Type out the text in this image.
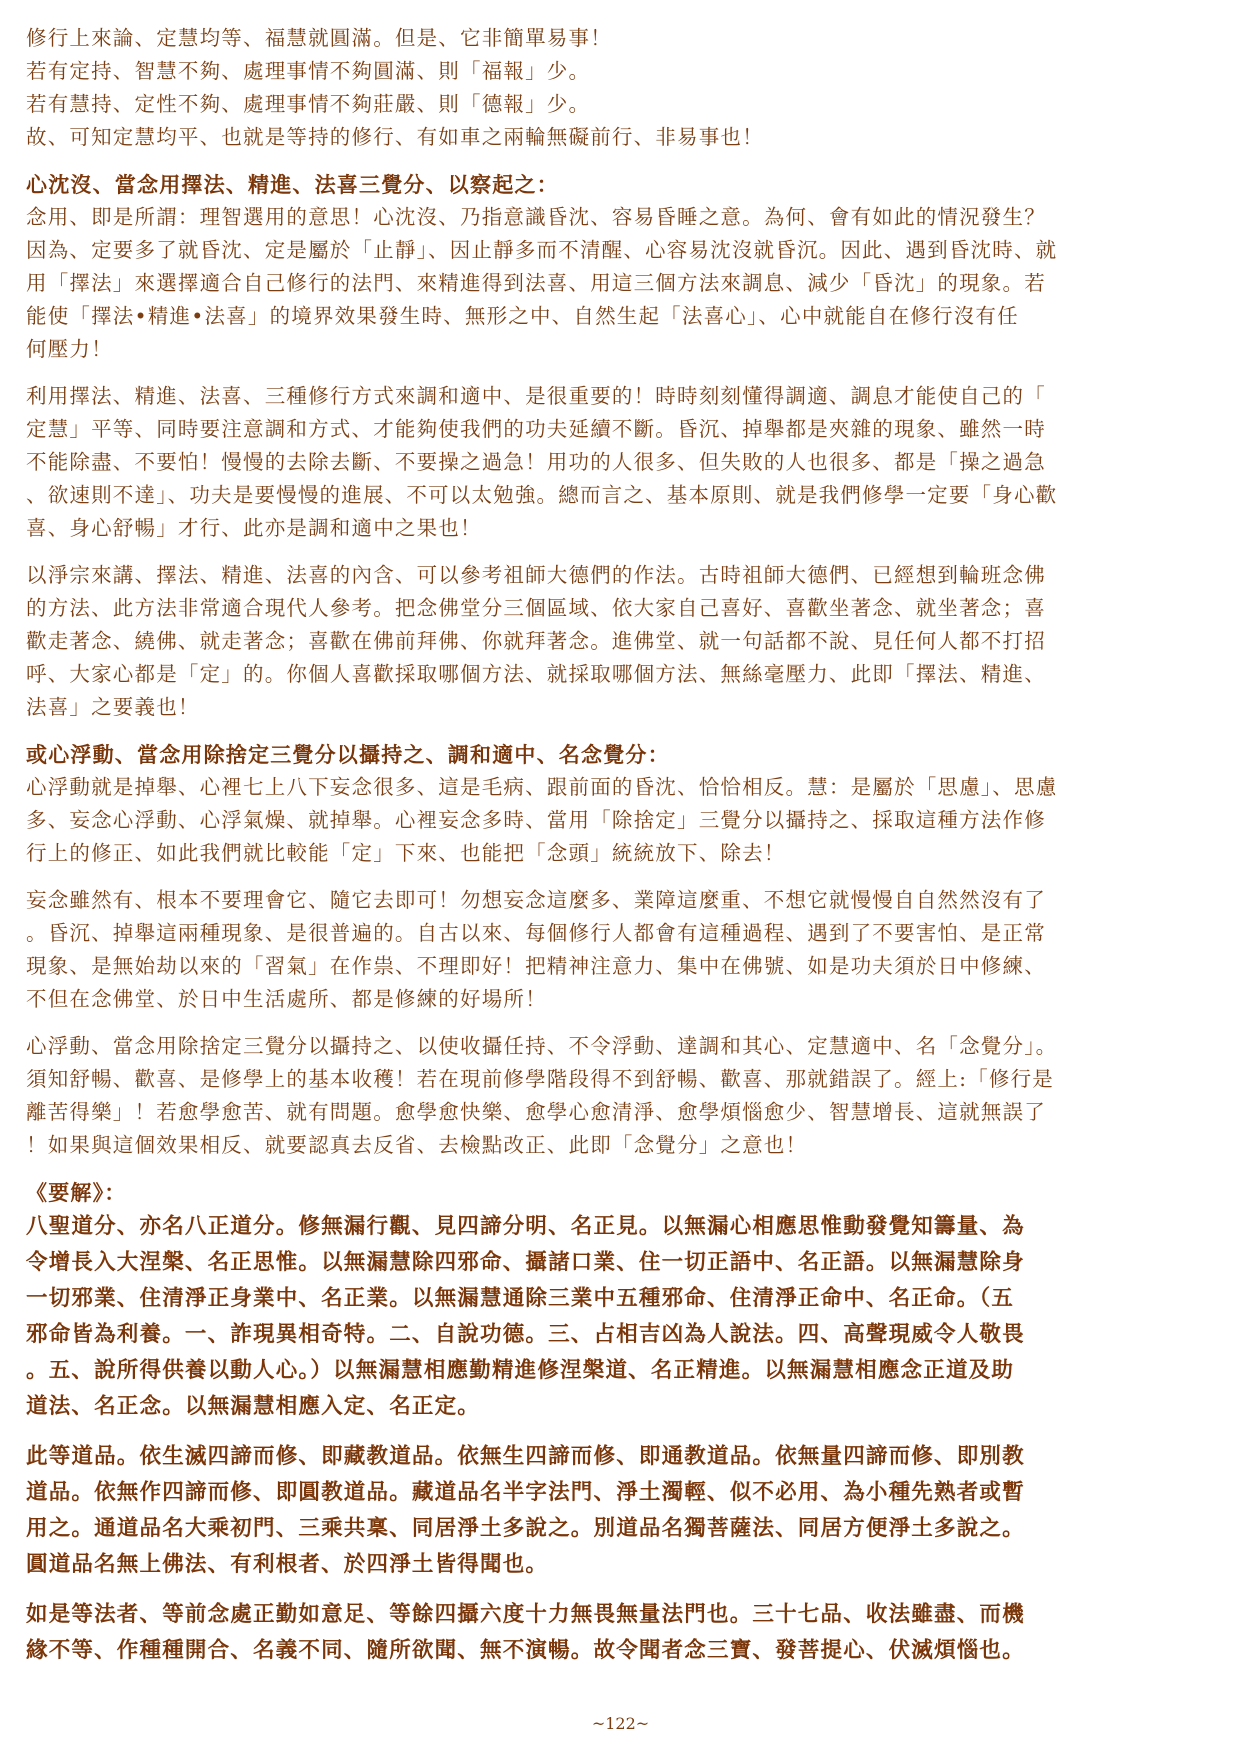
修行上來論、定慧均等、福慧就圓滿。但是、它非簡單易事！
若有定持、智慧不夠、處理事情不夠圓滿、則「福報」少。
若有慧持、定性不夠、處理事情不夠莊嚴、則「德報」少。
故、可知定慧均平、也就是等持的修行、有如車之兩輪無礙前行、非易事也！
心沈沒、當念用擇法、精進、法喜三覺分、以察起之：
念用、即是所謂：理智選用的意思！心沈沒、乃指意識昏沈、容易昏睡之意。為何、會有如此的情況發生？
因為、定要多了就昏沈、定是屬於「止靜」、因止靜多而不清醒、心容易沈沒就昏沉。因此、遇到昏沈時、就
用「擇法」來選擇適合自己修行的法門、來精進得到法喜、用這三個方法來調息、減少「昏沈」的現象。若
能使「擇法•精進•法喜」的境界效果發生時、無形之中、自然生起「法喜心」、心中就能自在修行沒有任
何壓力！
利用擇法、精進、法喜、三種修行方式來調和適中、是很重要的！時時刻刻懂得調適、調息才能使自己的「
定慧」平等、同時要注意調和方式、才能夠使我們的功夫延續不斷。昏沉、掉舉都是夾雜的現象、雖然一時
不能除盡、不要怕！慢慢的去除去斷、不要操之過急！用功的人很多、但失敗的人也很多、都是「操之過急
、欲速則不達」、功夫是要慢慢的進展、不可以太勉強。總而言之、基本原則、就是我們修學一定要「身心歡
喜、身心舒暢」才行、此亦是調和適中之果也！
以淨宗來講、擇法、精進、法喜的內含、可以參考祖師大德們的作法。古時祖師大德們、已經想到輪班念佛
的方法、此方法非常適合現代人參考。把念佛堂分三個區域、依大家自己喜好、喜歡坐著念、就坐著念；喜
歡走著念、繞佛、就走著念；喜歡在佛前拜佛、你就拜著念。進佛堂、就一句話都不說、見任何人都不打招
呼、大家心都是「定」的。你個人喜歡採取哪個方法、就採取哪個方法、無絲毫壓力、此即「擇法、精進、
法喜」之要義也！
或心浮動、當念用除捨定三覺分以攝持之、調和適中、名念覺分：
心浮動就是掉舉、心裡七上八下妄念很多、這是毛病、跟前面的昏沈、恰恰相反。慧：是屬於「思慮」、思慮
多、妄念心浮動、心浮氣燥、就掉舉。心裡妄念多時、當用「除捨定」三覺分以攝持之、採取這種方法作修
行上的修正、如此我們就比較能「定」下來、也能把「念頭」統統放下、除去！
妄念雖然有、根本不要理會它、隨它去即可！勿想妄念這麼多、業障這麼重、不想它就慢慢自自然然沒有了
。昏沉、掉舉這兩種現象、是很普遍的。自古以來、每個修行人都會有這種過程、遇到了不要害怕、是正常
現象、是無始劫以來的「習氣」在作祟、不理即好！把精神注意力、集中在佛號、如是功夫須於日中修練、
不但在念佛堂、於日中生活處所、都是修練的好場所！
心浮動、當念用除捨定三覺分以攝持之、以使收攝任持、不令浮動、達調和其心、定慧適中、名「念覺分」。
須知舒暢、歡喜、是修學上的基本收穫！若在現前修學階段得不到舒暢、歡喜、那就錯誤了。經上:「修行是
離苦得樂」！若愈學愈苦、就有問題。愈學愈快樂、愈學心愈清淨、愈學煩惱愈少、智慧增長、這就無誤了
！如果與這個效果相反、就要認真去反省、去檢點改正、此即「念覺分」之意也！
《要解》：
八聖道分、亦名八正道分。修無漏行觀、見四諦分明、名正見。以無漏心相應思惟動發覺知籌量、為
令增長入大涅槃、名正思惟。以無漏慧除四邪命、攝諸口業、住一切正語中、名正語。以無漏慧除身
一切邪業、住清淨正身業中、名正業。以無漏慧通除三業中五種邪命、住清淨正命中、名正命。（五
邪命皆為利養。一、詐現異相奇特。二、自說功德。三、占相吉凶為人說法。四、高聲現威令人敬畏
。五、說所得供養以動人心。）以無漏慧相應勤精進修涅槃道、名正精進。以無漏慧相應念正道及助
道法、名正念。以無漏慧相應入定、名正定。
此等道品。依生滅四諦而修、即藏教道品。依無生四諦而修、即通教道品。依無量四諦而修、即別教
道品。依無作四諦而修、即圓教道品。藏道品名半字法門、淨土濁輕、似不必用、為小種先熟者或暫
用之。通道品名大乘初門、三乘共稟、同居淨土多說之。別道品名獨菩薩法、同居方便淨土多說之。
圓道品名無上佛法、有利根者、於四淨土皆得聞也。
如是等法者、等前念處正勤如意足、等餘四攝六度十力無畏無量法門也。三十七品、收法雖盡、而機
緣不等、作種種開合、名義不同、隨所欲聞、無不演暢。故令聞者念三寶、發菩提心、伏滅煩惱也。
~122~
